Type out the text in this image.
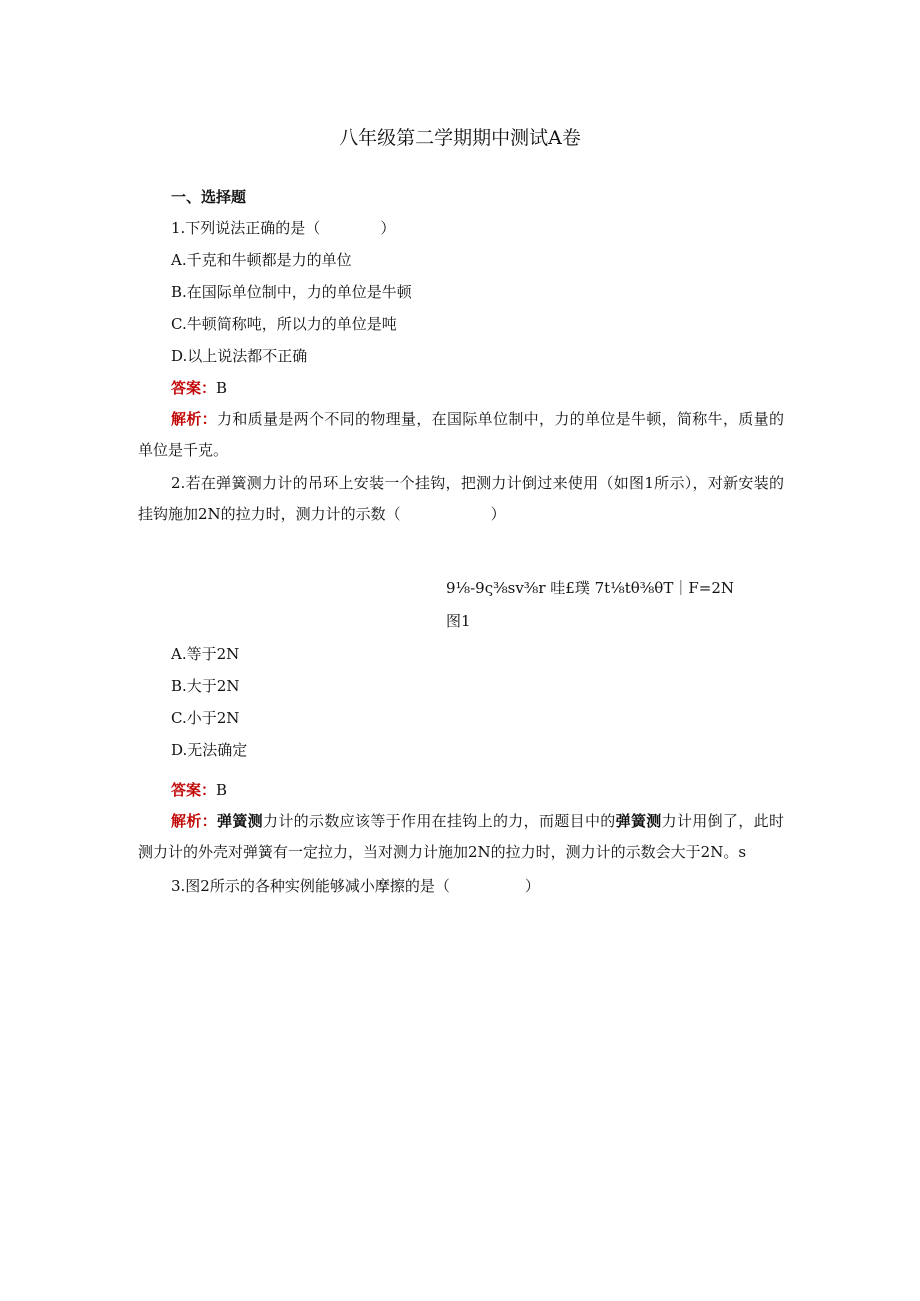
八年级第二学期期中测试A卷
一、选择题
1.下列说法正确的是（　　　　）
A.千克和牛顿都是力的单位
B.在国际单位制中，力的单位是牛顿
C.牛顿简称吨，所以力的单位是吨
D.以上说法都不正确
答案：B
解析：力和质量是两个不同的物理量，在国际单位制中，力的单位是牛顿，简称牛，质量的单位是千克。
2.若在弹簧测力计的吊环上安装一个挂钩，把测力计倒过来使用（如图1所示），对新安装的挂钩施加2N的拉力时，测力计的示数（　　　　　　）
9⅛-9ς⅜sv⅜r 哇£璞 7t⅛tθ⅜θT｜F=2N
图1
A.等于2N
B.大于2N
C.小于2N
D.无法确定
答案：B
解析：弹簧测力计的示数应该等于作用在挂钩上的力，而题目中的弹簧测力计用倒了，此时测力计的外壳对弹簧有一定拉力，当对测力计施加2N的拉力时，测力计的示数会大于2N。s
3.图2所示的各种实例能够减小摩擦的是（　　　　　）
